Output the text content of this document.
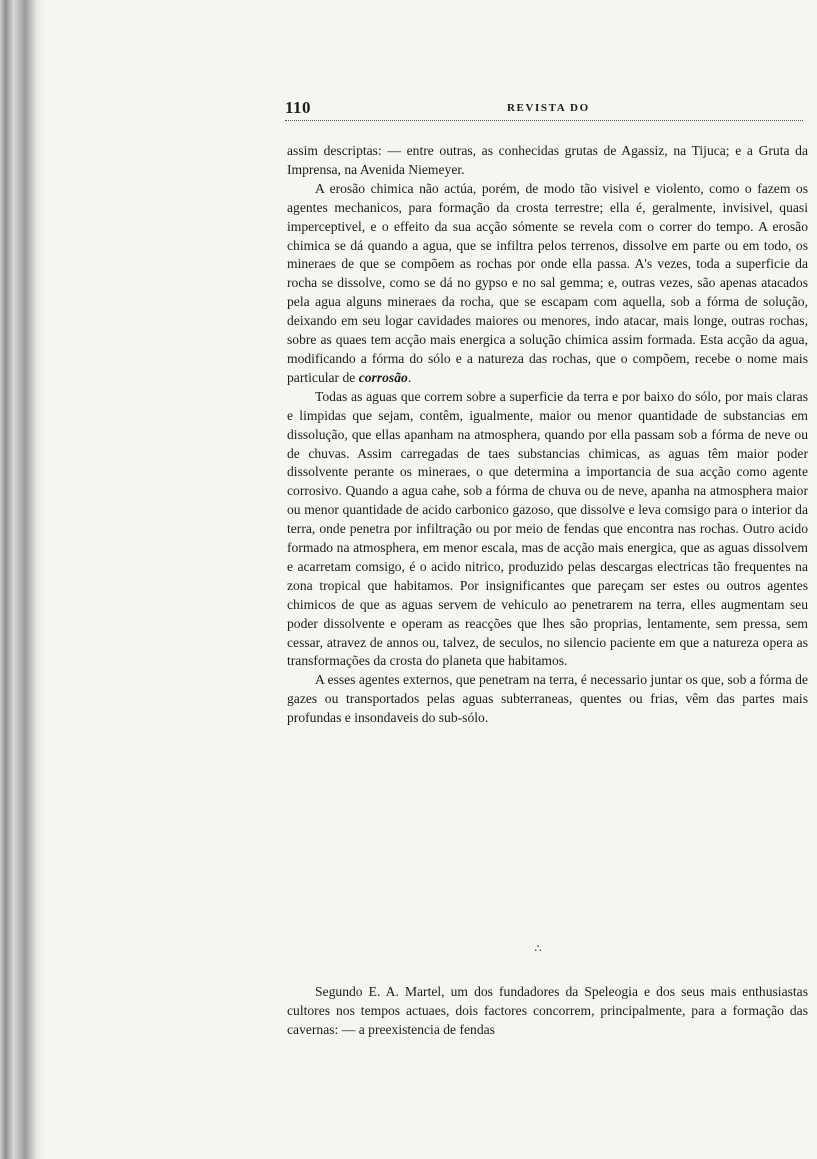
110	REVISTA DO

assim descriptas: — entre outras, as conhecidas grutas de Agassiz, na Tijuca; e a Gruta da Imprensa, na Avenida Niemeyer.

A erosão chimica não actúa, porém, de modo tão visivel e violento, como o fazem os agentes mechanicos, para formação da crosta terrestre; ella é, geralmente, invisivel, quasi imperceptivel, e o effeito da sua acção sómente se revela com o correr do tempo. A erosão chimica se dá quando a agua, que se infiltra pelos terrenos, dissolve em parte ou em todo, os mineraes de que se compõem as rochas por onde ella passa. A's vezes, toda a superficie da rocha se dissolve, como se dá no gypso e no sal gemma; e, outras vezes, são apenas atacados pela agua alguns mineraes da rocha, que se escapam com aquella, sob a fórma de solução, deixando em seu logar cavidades maiores ou menores, indo atacar, mais longe, outras rochas, sobre as quaes tem acção mais energica a solução chimica assim formada. Esta acção da agua, modificando a fórma do sólo e a natureza das rochas, que o compõem, recebe o nome mais particular de corrosão.

Todas as aguas que correm sobre a superficie da terra e por baixo do sólo, por mais claras e limpidas que sejam, contêm, igualmente, maior ou menor quantidade de substancias em dissolução, que ellas apanham na atmosphera, quando por ella passam sob a fórma de neve ou de chuvas. Assim carregadas de taes substancias chimicas, as aguas têm maior poder dissolvente perante os mineraes, o que determina a importancia de sua acção como agente corrosivo. Quando a agua cahe, sob a fórma de chuva ou de neve, apanha na atmosphera maior ou menor quantidade de acido carbonico gazoso, que dissolve e leva comsigo para o interior da terra, onde penetra por infiltração ou por meio de fendas que encontra nas rochas. Outro acido formado na atmosphera, em menor escala, mas de acção mais energica, que as aguas dissolvem e acarretam comsigo, é o acido nitrico, produzido pelas descargas electricas tão frequentes na zona tropical que habitamos. Por insignificantes que pareçam ser estes ou outros agentes chimicos de que as aguas servem de vehiculo ao penetrarem na terra, elles augmentam seu poder dissolvente e operam as reacções que lhes são proprias, lentamente, sem pressa, sem cessar, atravez de annos ou, talvez, de seculos, no silencio paciente em que a natureza opera as transformações da crosta do planeta que habitamos.

A esses agentes externos, que penetram na terra, é necessario juntar os que, sob a fórma de gazes ou transportados pelas aguas subterraneas, quentes ou frias, vêm das partes mais profundas e insondaveis do sub-sólo.

∴

Segundo E. A. Martel, um dos fundadores da Speleogia e dos seus mais enthusiastas cultores nos tempos actuaes, dois factores concorrem, principalmente, para a formação das cavernas: — a preexistencia de fendas
